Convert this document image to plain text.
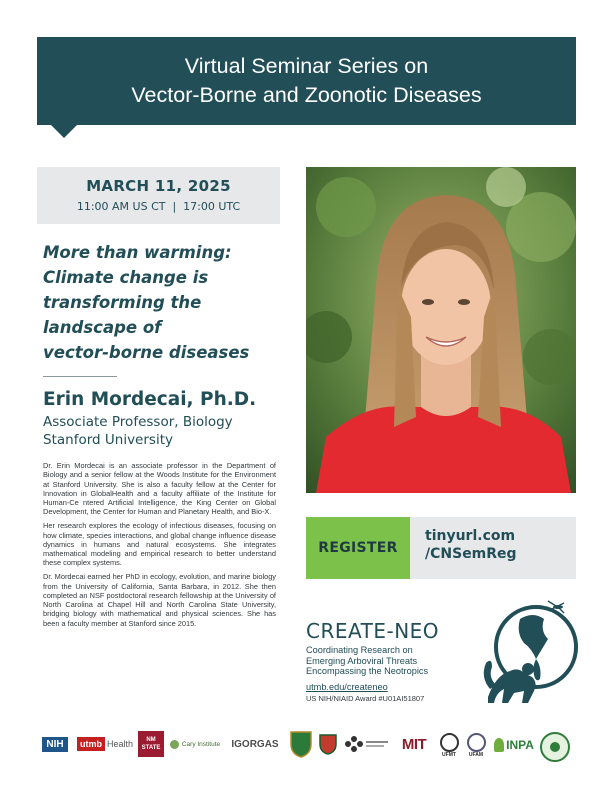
Virtual Seminar Series on
Vector-Borne and Zoonotic Diseases
MARCH 11, 2025
11:00 AM US CT  |  17:00 UTC
More than warming:
Climate change is
transforming the
landscape of
vector-borne diseases
Erin Mordecai, Ph.D.
Associate Professor, Biology
Stanford University

Dr. Erin Mordecai is an associate professor in the Department of Biology and a senior fellow at the Woods Institute for the Environment at Stanford University. She is also a faculty fellow at the Center for Innovation in GlobalHealth and a faculty affiliate of the Institute for Human-Ce ntered Artificial Intelligence, the King Center on Global Development, the Center for Human and Planetary Health, and Bio-X.

Her research explores the ecology of infectious diseases, focusing on how climate, species interactions, and global change influence disease dynamics in humans and natural ecosystems. She integrates mathematical modeling and empirical research to better understand these complex systems.

Dr. Mordecai earned her PhD in ecology, evolution, and marine biology from the University of California, Santa Barbara, in 2012. She then completed an NSF postdoctoral research fellowship at the University of North Carolina at Chapel Hill and North Carolina State University, bridging biology with mathematical and physical sciences. She has been a faculty member at Stanford since 2015.

REGISTER
tinyurl.com
/CNSemReg
CREATE-NEO
Coordinating Research on
Emerging Arboviral Threats
Encompassing the Neotropics
utmb.edu/createneo
US NIH/NIAID Award #U01AI51807
NIH	utmb Health	NM STATE
Cary Institute IGORGAS	MIT
UFMT	UFAM
INPA
